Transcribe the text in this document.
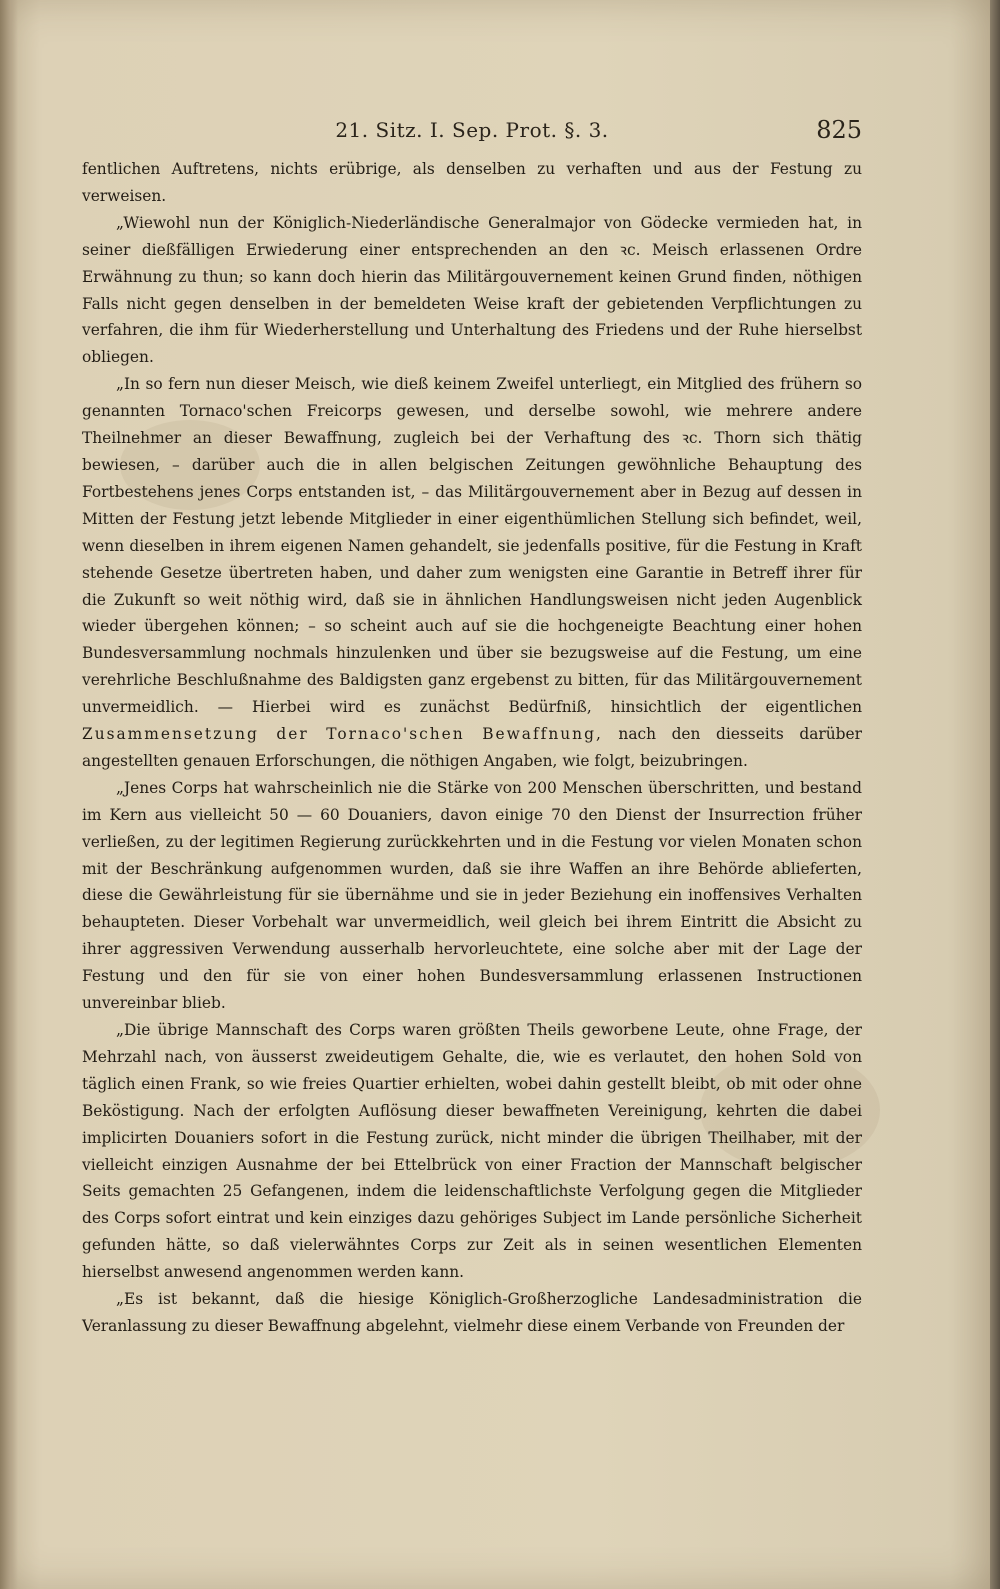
21. Sitz. I. Sep. Prot. §. 3.	825

fentlichen Auftretens, nichts erübrige, als denselben zu verhaften und aus der Festung zu verweisen.

„Wiewohl nun der Königlich-Niederländische Generalmajor von Gödecke vermieden hat, in seiner dießfälligen Erwiederung einer entsprechenden an den ꝛc. Meisch erlassenen Ordre Erwähnung zu thun; so kann doch hierin das Militärgouvernement keinen Grund finden, nöthigen Falls nicht gegen denselben in der bemeldeten Weise kraft der gebietenden Verpflichtungen zu verfahren, die ihm für Wiederherstellung und Unterhaltung des Friedens und der Ruhe hierselbst obliegen.

„In so fern nun dieser Meisch, wie dieß keinem Zweifel unterliegt, ein Mitglied des frühern so genannten Tornaco'schen Freicorps gewesen, und derselbe sowohl, wie mehrere andere Theilnehmer an dieser Bewaffnung, zugleich bei der Verhaftung des ꝛc. Thorn sich thätig bewiesen, – darüber auch die in allen belgischen Zeitungen gewöhnliche Behauptung des Fortbestehens jenes Corps entstanden ist, – das Militärgouvernement aber in Bezug auf dessen in Mitten der Festung jetzt lebende Mitglieder in einer eigenthümlichen Stellung sich befindet, weil, wenn dieselben in ihrem eigenen Namen gehandelt, sie jedenfalls positive, für die Festung in Kraft stehende Gesetze übertreten haben, und daher zum wenigsten eine Garantie in Betreff ihrer für die Zukunft so weit nöthig wird, daß sie in ähnlichen Handlungsweisen nicht jeden Augenblick wieder übergehen können; – so scheint auch auf sie die hochgeneigte Beachtung einer hohen Bundesversammlung nochmals hinzulenken und über sie bezugsweise auf die Festung, um eine verehrliche Beschlußnahme des Baldigsten ganz ergebenst zu bitten, für das Militärgouvernement unvermeidlich. — Hierbei wird es zunächst Bedürfniß, hinsichtlich der eigentlichen Zusammensetzung der Tornaco'schen Bewaffnung, nach den diesseits darüber angestellten genauen Erforschungen, die nöthigen Angaben, wie folgt, beizubringen.

„Jenes Corps hat wahrscheinlich nie die Stärke von 200 Menschen überschritten, und bestand im Kern aus vielleicht 50 — 60 Douaniers, davon einige 70 den Dienst der Insurrection früher verließen, zu der legitimen Regierung zurückkehrten und in die Festung vor vielen Monaten schon mit der Beschränkung aufgenommen wurden, daß sie ihre Waffen an ihre Behörde ablieferten, diese die Gewährleistung für sie übernähme und sie in jeder Beziehung ein inoffensives Verhalten behaupteten. Dieser Vorbehalt war unvermeidlich, weil gleich bei ihrem Eintritt die Absicht zu ihrer aggressiven Verwendung ausserhalb hervorleuchtete, eine solche aber mit der Lage der Festung und den für sie von einer hohen Bundesversammlung erlassenen Instructionen unvereinbar blieb.

„Die übrige Mannschaft des Corps waren größten Theils geworbene Leute, ohne Frage, der Mehrzahl nach, von äusserst zweideutigem Gehalte, die, wie es verlautet, den hohen Sold von täglich einen Frank, so wie freies Quartier erhielten, wobei dahin gestellt bleibt, ob mit oder ohne Beköstigung. Nach der erfolgten Auflösung dieser bewaffneten Vereinigung, kehrten die dabei implicirten Douaniers sofort in die Festung zurück, nicht minder die übrigen Theilhaber, mit der vielleicht einzigen Ausnahme der bei Ettelbrück von einer Fraction der Mannschaft belgischer Seits gemachten 25 Gefangenen, indem die leidenschaftlichste Verfolgung gegen die Mitglieder des Corps sofort eintrat und kein einziges dazu gehöriges Subject im Lande persönliche Sicherheit gefunden hätte, so daß vielerwähntes Corps zur Zeit als in seinen wesentlichen Elementen hierselbst anwesend angenommen werden kann.

„Es ist bekannt, daß die hiesige Königlich-Großherzogliche Landesadministration die Veranlassung zu dieser Bewaffnung abgelehnt, vielmehr diese einem Verbande von Freunden der
